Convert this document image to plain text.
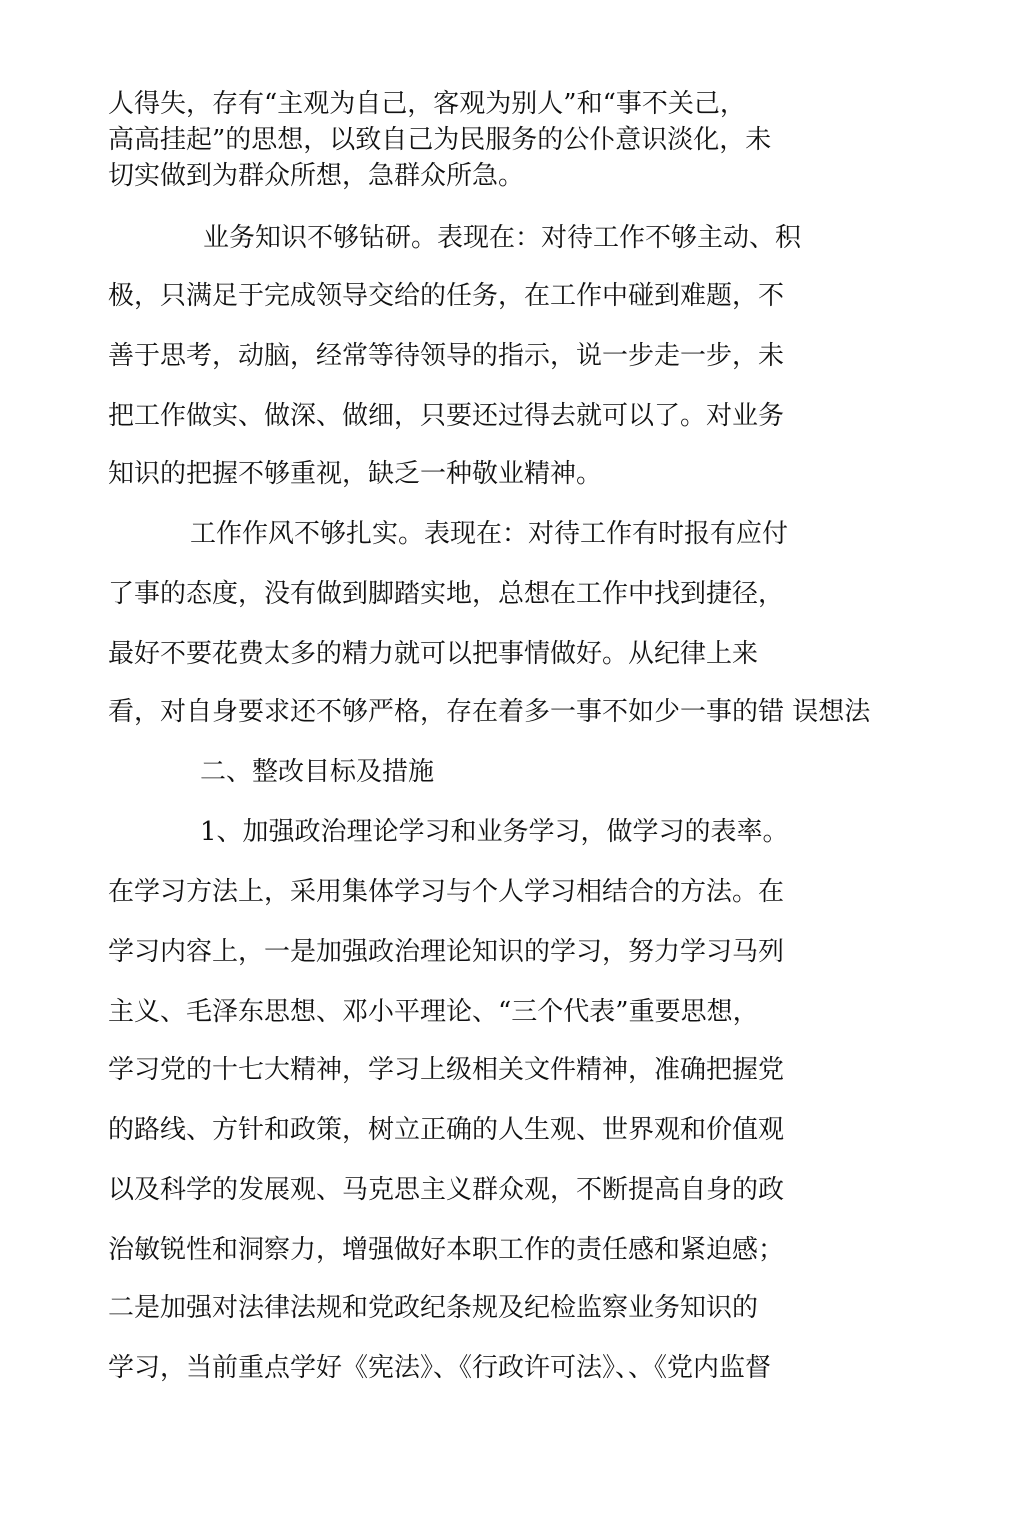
人得失，存有“主观为自己，客观为别人”和“事不关己，
高高挂起”的思想，以致自己为民服务的公仆意识淡化，未
切实做到为群众所想，急群众所急。
业务知识不够钻研。表现在：对待工作不够主动、积
极，只满足于完成领导交给的任务，在工作中碰到难题，不
善于思考，动脑，经常等待领导的指示，说一步走一步，未
把工作做实、做深、做细，只要还过得去就可以了。对业务
知识的把握不够重视，缺乏一种敬业精神。
工作作风不够扎实。表现在：对待工作有时报有应付
了事的态度，没有做到脚踏实地，总想在工作中找到捷径，
最好不要花费太多的精力就可以把事情做好。从纪律上来
看，对自身要求还不够严格，存在着多一事不如少一事的错 误想法
二、整改目标及措施
1、加强政治理论学习和业务学习，做学习的表率。
在学习方法上，采用集体学习与个人学习相结合的方法。在
学习内容上，一是加强政治理论知识的学习，努力学习马列
主义、毛泽东思想、邓小平理论、“三个代表”重要思想，
学习党的十七大精神，学习上级相关文件精神，准确把握党
的路线、方针和政策，树立正确的人生观、世界观和价值观
以及科学的发展观、马克思主义群众观，不断提高自身的政
治敏锐性和洞察力，增强做好本职工作的责任感和紧迫感；
二是加强对法律法规和党政纪条规及纪检监察业务知识的
学习，当前重点学好《宪法》、《行政许可法》、、《党内监督
